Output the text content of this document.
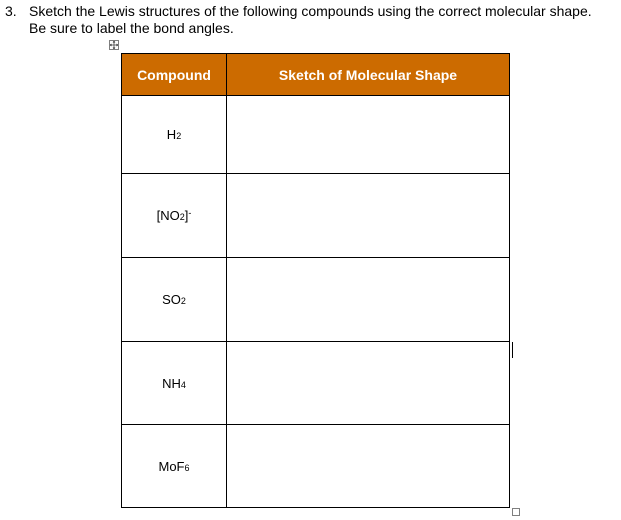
3. Sketch the Lewis structures of the following compounds using the correct molecular shape.
Be sure to label the bond angles.
Compound	Sketch of Molecular Shape
H2	
[NO2]-	
SO2	
NH4	
MoF6	
